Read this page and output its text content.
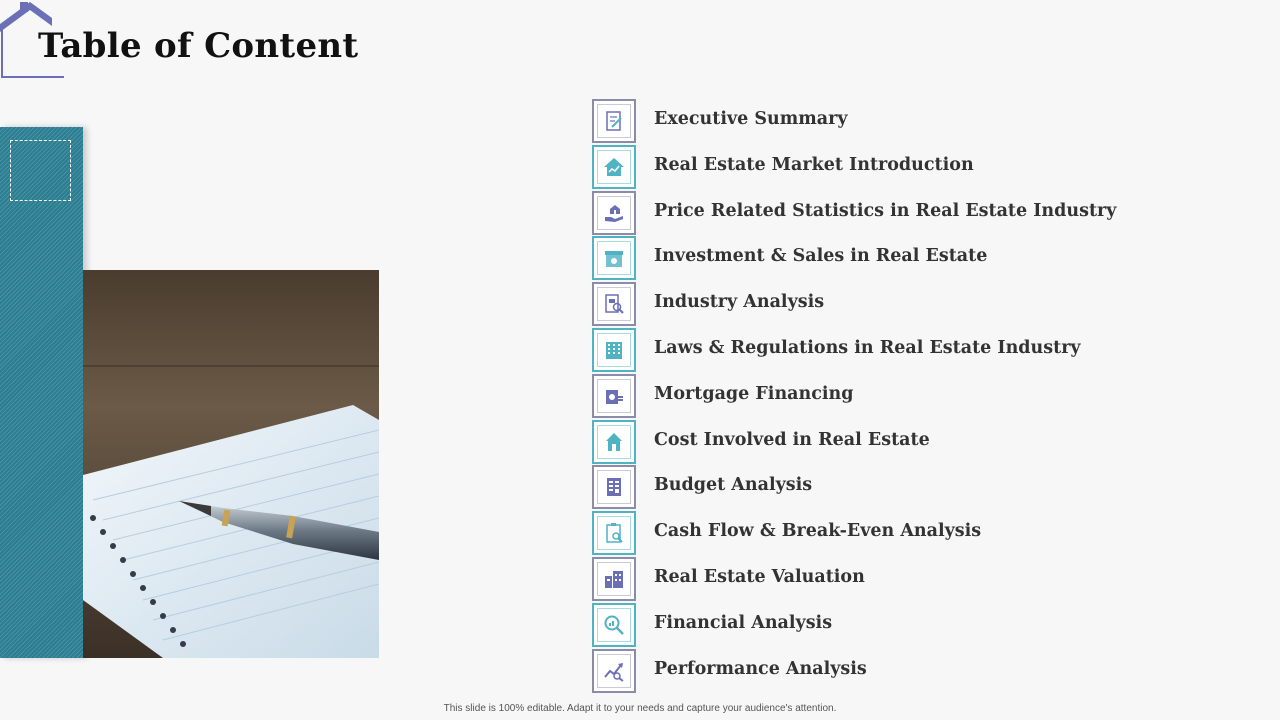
Table of Content
Executive Summary
Real Estate Market Introduction
Price Related Statistics in Real Estate Industry
Investment & Sales in Real Estate
Industry Analysis
Laws & Regulations in Real Estate Industry
Mortgage Financing
Cost Involved in Real Estate
Budget Analysis
Cash Flow & Break-Even Analysis
Real Estate Valuation
Financial Analysis
Performance Analysis
This slide is 100% editable. Adapt it to your needs and capture your audience's attention.
